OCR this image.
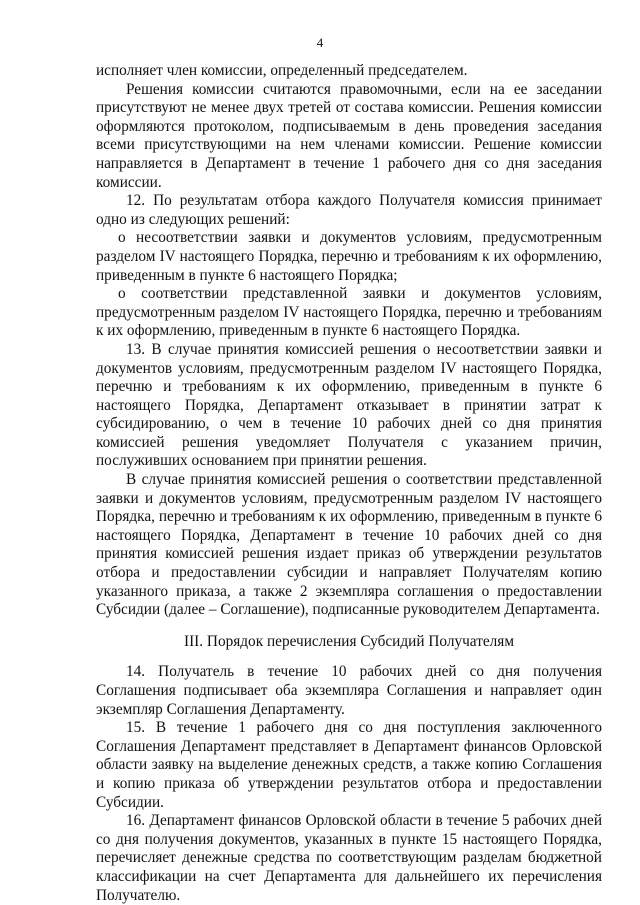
4

исполняет член комиссии, определенный председателем.

Решения комиссии считаются правомочными, если на ее заседании присутствуют не менее двух третей от состава комиссии. Решения комиссии оформляются протоколом, подписываемым в день проведения заседания всеми присутствующими на нем членами комиссии. Решение комиссии направляется в Департамент в течение 1 рабочего дня со дня заседания комиссии.

12. По результатам отбора каждого Получателя комиссия принимает одно из следующих решений:

о несоответствии заявки и документов условиям, предусмотренным разделом IV настоящего Порядка, перечню и требованиям к их оформлению, приведенным в пункте 6 настоящего Порядка;

о соответствии представленной заявки и документов условиям, предусмотренным разделом IV настоящего Порядка, перечню и требованиям к их оформлению, приведенным в пункте 6 настоящего Порядка.

13. В случае принятия комиссией решения о несоответствии заявки и документов условиям, предусмотренным разделом IV настоящего Порядка, перечню и требованиям к их оформлению, приведенным в пункте 6 настоящего Порядка, Департамент отказывает в принятии затрат к субсидированию, о чем в течение 10 рабочих дней со дня принятия комиссией решения уведомляет Получателя с указанием причин, послуживших основанием при принятии решения.

В случае принятия комиссией решения о соответствии представленной заявки и документов условиям, предусмотренным разделом IV настоящего Порядка, перечню и требованиям к их оформлению, приведенным в пункте 6 настоящего Порядка, Департамент в течение 10 рабочих дней со дня принятия комиссией решения издает приказ об утверждении результатов отбора и предоставлении субсидии и направляет Получателям копию указанного приказа, а также 2 экземпляра соглашения о предоставлении Субсидии (далее – Соглашение), подписанные руководителем Департамента.

III. Порядок перечисления Субсидий Получателям

14. Получатель в течение 10 рабочих дней со дня получения Соглашения подписывает оба экземпляра Соглашения и направляет один экземпляр Соглашения Департаменту.

15. В течение 1 рабочего дня со дня поступления заключенного Соглашения Департамент представляет в Департамент финансов Орловской области заявку на выделение денежных средств, а также копию Соглашения и копию приказа об утверждении результатов отбора и предоставлении Субсидии.

16. Департамент финансов Орловской области в течение 5 рабочих дней со дня получения документов, указанных в пункте 15 настоящего Порядка, перечисляет денежные средства по соответствующим разделам бюджетной классификации на счет Департамента для дальнейшего их перечисления Получателю.
